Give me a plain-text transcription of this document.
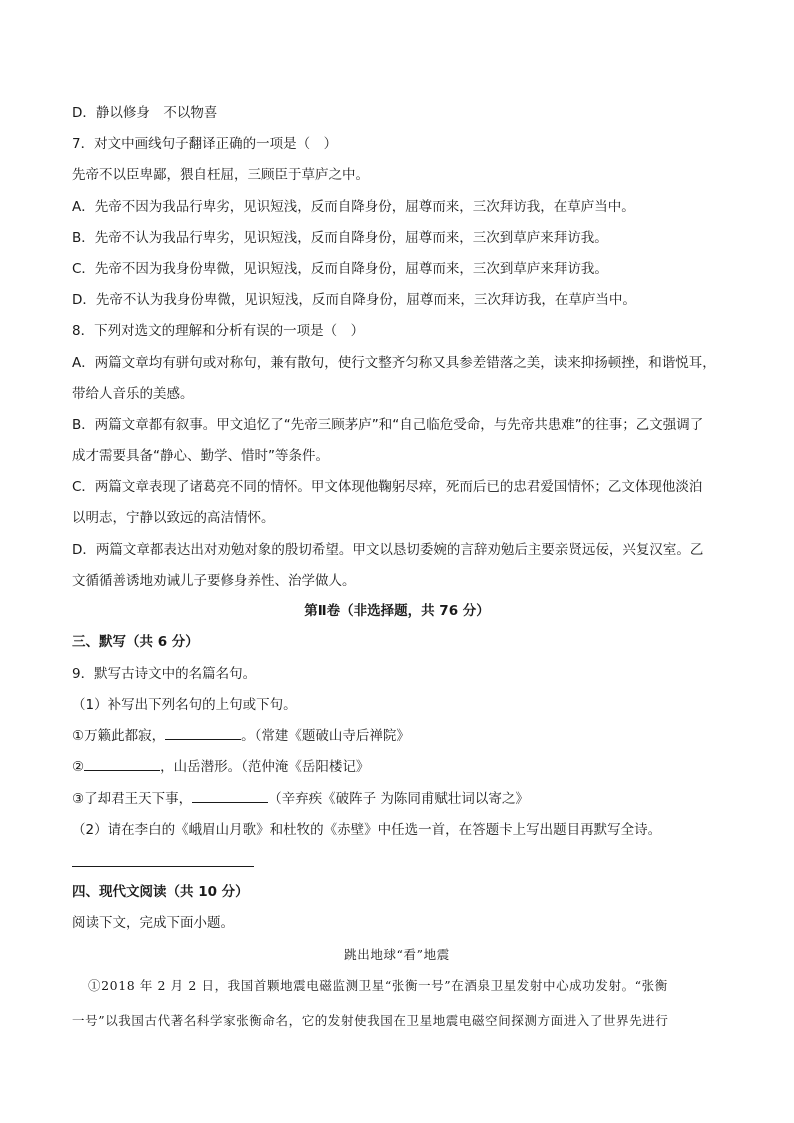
D．静以修身　不以物喜
7．对文中画线句子翻译正确的一项是（　）
先帝不以臣卑鄙，猥自枉屈，三顾臣于草庐之中。
A．先帝不因为我品行卑劣，见识短浅，反而自降身份，屈尊而来，三次拜访我，在草庐当中。
B．先帝不认为我品行卑劣，见识短浅，反而自降身份，屈尊而来，三次到草庐来拜访我。
C．先帝不因为我身份卑微，见识短浅，反而自降身份，屈尊而来，三次到草庐来拜访我。
D．先帝不认为我身份卑微，见识短浅，反而自降身份，屈尊而来，三次拜访我，在草庐当中。
8．下列对选文的理解和分析有误的一项是（　）
A．两篇文章均有骈句或对称句，兼有散句，使行文整齐匀称又具参差错落之美，读来抑扬顿挫，和谐悦耳，
带给人音乐的美感。
B．两篇文章都有叙事。甲文追忆了“先帝三顾茅庐”和“自己临危受命，与先帝共患难”的往事；乙文强调了
成才需要具备“静心、勤学、惜时”等条件。
C．两篇文章表现了诸葛亮不同的情怀。甲文体现他鞠躬尽瘁，死而后已的忠君爱国情怀；乙文体现他淡泊
以明志，宁静以致远的高洁情怀。
D．两篇文章都表达出对劝勉对象的殷切希望。甲文以恳切委婉的言辞劝勉后主要亲贤远佞，兴复汉室。乙
文循循善诱地劝诫儿子要修身养性、治学做人。
第Ⅱ卷（非选择题，共 76 分）
三、默写（共 6 分）
9．默写古诗文中的名篇名句。
（1）补写出下列名句的上句或下句。
①万籁此都寂，	。（常建《题破山寺后禅院》
②	，山岳潜形。（范仲淹《岳阳楼记》
③了却君王天下事，	（辛弃疾《破阵子 为陈同甫赋壮词以寄之》
（2）请在李白的《峨眉山月歌》和杜牧的《赤壁》中任选一首，在答题卡上写出题目再默写全诗。
四、现代文阅读（共 10 分）
阅读下文，完成下面小题。
跳出地球“看”地震
①2018 年 2 月 2 日，我国首颗地震电磁监测卫星“张衡一号”在酒泉卫星发射中心成功发射。“张衡
一号”以我国古代著名科学家张衡命名，它的发射使我国在卫星地震电磁空间探测方面进入了世界先进行
